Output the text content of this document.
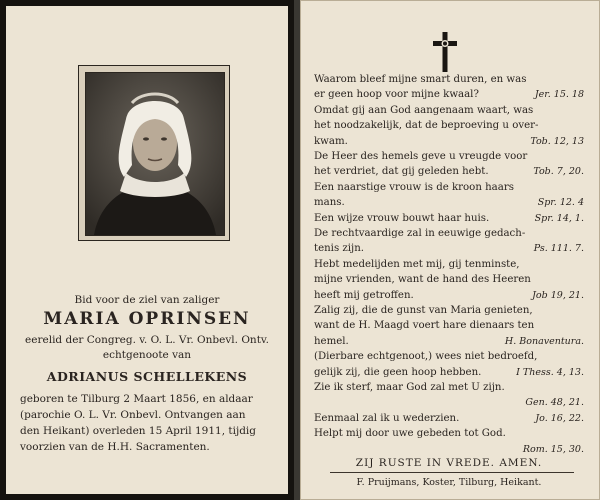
Bid voor de ziel van zaliger
MARIA OPRINSEN
eerelid der Congreg. v. O. L. Vr. Onbevl. Ontv.
echtgenoote van
ADRIANUS SCHELLEKENS
geboren te Tilburg 2 Maart 1856, en aldaar
(parochie O. L. Vr. Onbevl. Ontvangen aan
den Heikant) overleden 15 April 1911, tijdig
voorzien van de H.H. Sacramenten.
Waarom bleef mijne smart duren, en was
er geen hoop voor mijne kwaal?	Jer. 15. 18
Omdat gij aan God aangenaam waart, was
het noodzakelijk, dat de beproeving u over-
kwam.	Tob. 12, 13
De Heer des hemels geve u vreugde voor
het verdriet, dat gij geleden hebt.	Tob. 7, 20.
Een naarstige vrouw is de kroon haars
mans.	Spr. 12. 4
Een wijze vrouw bouwt haar huis.	Spr. 14, 1.
De rechtvaardige zal in eeuwige gedach-
tenis zijn.	Ps. 111. 7.
Hebt medelijden met mij, gij tenminste,
mijne vrienden, want de hand des Heeren
heeft mij getroffen.	Job 19, 21.
Zalig zij, die de gunst van Maria genieten,
want de H. Maagd voert hare dienaars ten
hemel.	H. Bonaventura.
(Dierbare echtgenoot,) wees niet bedroefd,
gelijk zij, die geen hoop hebben.	I Thess. 4, 13.
Zie ik sterf, maar God zal met U zijn.
Gen. 48, 21.
Eenmaal zal ik u wederzien.	Jo. 16, 22.
Helpt mij door uwe gebeden tot God.
Rom. 15, 30.
ZIJ RUSTE IN VREDE. AMEN.
F. Pruijmans, Koster, Tilburg, Heikant.
